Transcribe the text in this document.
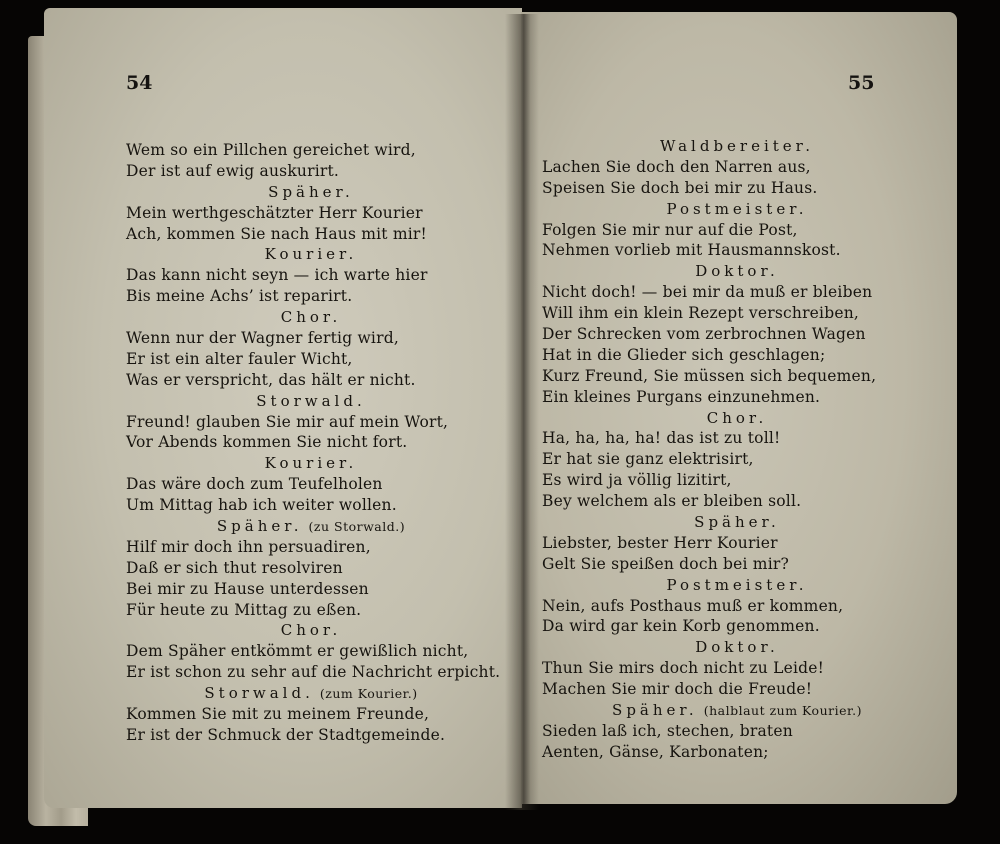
54	55
Wem so ein Pillchen gereichet wird,
Der ist auf ewig auskurirt.
Späher.
Mein werthgeschätzter Herr Kourier
Ach, kommen Sie nach Haus mit mir!
Kourier.
Das kann nicht seyn — ich warte hier
Bis meine Achs’ ist reparirt.
Chor.
Wenn nur der Wagner fertig wird,
Er ist ein alter fauler Wicht,
Was er verspricht, das hält er nicht.
Storwald.
Freund! glauben Sie mir auf mein Wort,
Vor Abends kommen Sie nicht fort.
Kourier.
Das wäre doch zum Teufelholen
Um Mittag hab ich weiter wollen.
Späher. (zu Storwald.)
Hilf mir doch ihn persuadiren,
Daß er sich thut resolviren
Bei mir zu Hause unterdessen
Für heute zu Mittag zu eßen.
Chor.
Dem Späher entkömmt er gewißlich nicht,
Er ist schon zu sehr auf die Nachricht erpicht.
Storwald. (zum Kourier.)
Kommen Sie mit zu meinem Freunde,
Er ist der Schmuck der Stadtgemeinde.
Waldbereiter.
Lachen Sie doch den Narren aus,
Speisen Sie doch bei mir zu Haus.
Postmeister.
Folgen Sie mir nur auf die Post,
Nehmen vorlieb mit Hausmannskost.
Doktor.
Nicht doch! — bei mir da muß er bleiben
Will ihm ein klein Rezept verschreiben,
Der Schrecken vom zerbrochnen Wagen
Hat in die Glieder sich geschlagen;
Kurz Freund, Sie müssen sich bequemen,
Ein kleines Purgans einzunehmen.
Chor.
Ha, ha, ha, ha! das ist zu toll!
Er hat sie ganz elektrisirt,
Es wird ja völlig lizitirt,
Bey welchem als er bleiben soll.
Späher.
Liebster, bester Herr Kourier
Gelt Sie speißen doch bei mir?
Postmeister.
Nein, aufs Posthaus muß er kommen,
Da wird gar kein Korb genommen.
Doktor.
Thun Sie mirs doch nicht zu Leide!
Machen Sie mir doch die Freude!
Späher. (halblaut zum Kourier.)
Sieden laß ich, stechen, braten
Aenten, Gänse, Karbonaten;
